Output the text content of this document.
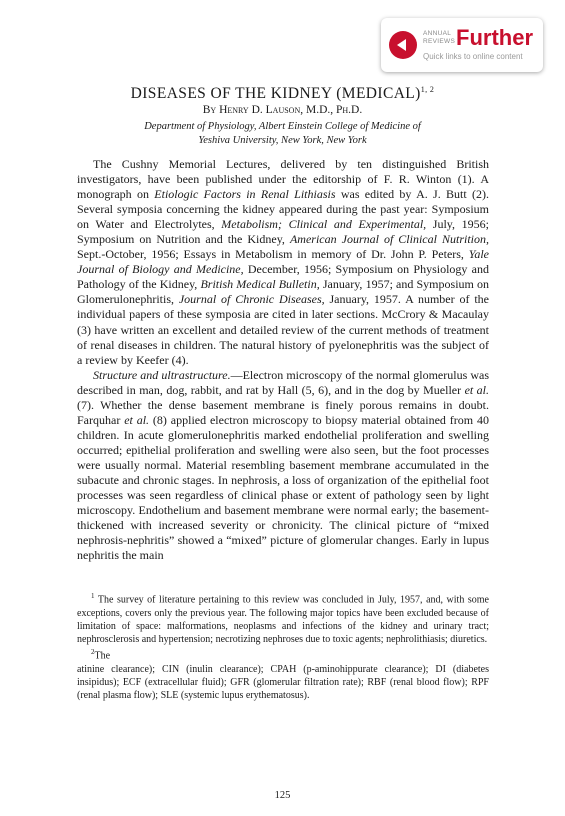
ANNUAL
REVIEWS Further
Quick links to online content
DISEASES OF THE KIDNEY (MEDICAL)$^{1, 2}$
By Henry D. Lauson, M.D., Ph.D.
Department of Physiology, Albert Einstein College of Medicine of
Yeshiva University, New York, New York

The Cushny Memorial Lectures, delivered by ten distinguished British investigators, have been published under the editorship of F. R. Winton (1). A monograph on Etiologic Factors in Renal Lithiasis was edited by A. J. Butt (2). Several symposia concerning the kidney appeared during the past year: Symposium on Water and Electrolytes, Metabolism; Clinical and Experimental, July, 1956; Symposium on Nutrition and the Kidney, American Journal of Clinical Nutrition, Sept.-October, 1956; Essays in Metabolism in memory of Dr. John P. Peters, Yale Journal of Biology and Medicine, December, 1956; Symposium on Physiology and Pathology of the Kidney, British Medical Bulletin, January, 1957; and Symposium on Glomerulonephritis, Journal of Chronic Diseases, January, 1957. A number of the individual papers of these symposia are cited in later sections. McCrory & Macaulay (3) have written an excellent and detailed review of the current methods of treatment of renal diseases in children. The natural history of pyelonephritis was the subject of a review by Keefer (4).

Structure and ultrastructure.—Electron microscopy of the normal glomerulus was described in man, dog, rabbit, and rat by Hall (5, 6), and in the dog by Mueller et al. (7). Whether the dense basement membrane is finely porous remains in doubt. Farquhar et al. (8) applied electron microscopy to biopsy material obtained from 40 children. In acute glomerulonephritis marked endothelial proliferation and swelling occurred; epithelial proliferation and swelling were also seen, but the foot processes were usually normal. Material resembling basement membrane accumulated in the subacute and chronic stages. In nephrosis, a loss of organization of the epithelial foot processes was seen regardless of clinical phase or extent of pathology seen by light microscopy. Endothelium and basement membrane were normal early; the basement-thickened with increased severity or chronicity. The clinical picture of “mixed nephrosis-nephritis” showed a “mixed” picture of glomerular changes. Early in lupus nephritis the main

$^1$ The survey of literature pertaining to this review was concluded in July, 1957, and, with some exceptions, covers only the previous year. The following major topics have been excluded because of limitation of space: malformations, neoplasms and infections of the kidney and urinary tract; nephrosclerosis and hypertension; necrotizing nephroses due to toxic agents; nephrolithiasis; diuretics.

$^2$The

atinine clearance); CIN (inulin clearance); CPAH (p-aminohippurate clearance); DI (diabetes insipidus); ECF (extracellular fluid); GFR (glomerular filtration rate); RBF (renal blood flow); RPF (renal plasma flow); SLE (systemic lupus erythematosus).

125
